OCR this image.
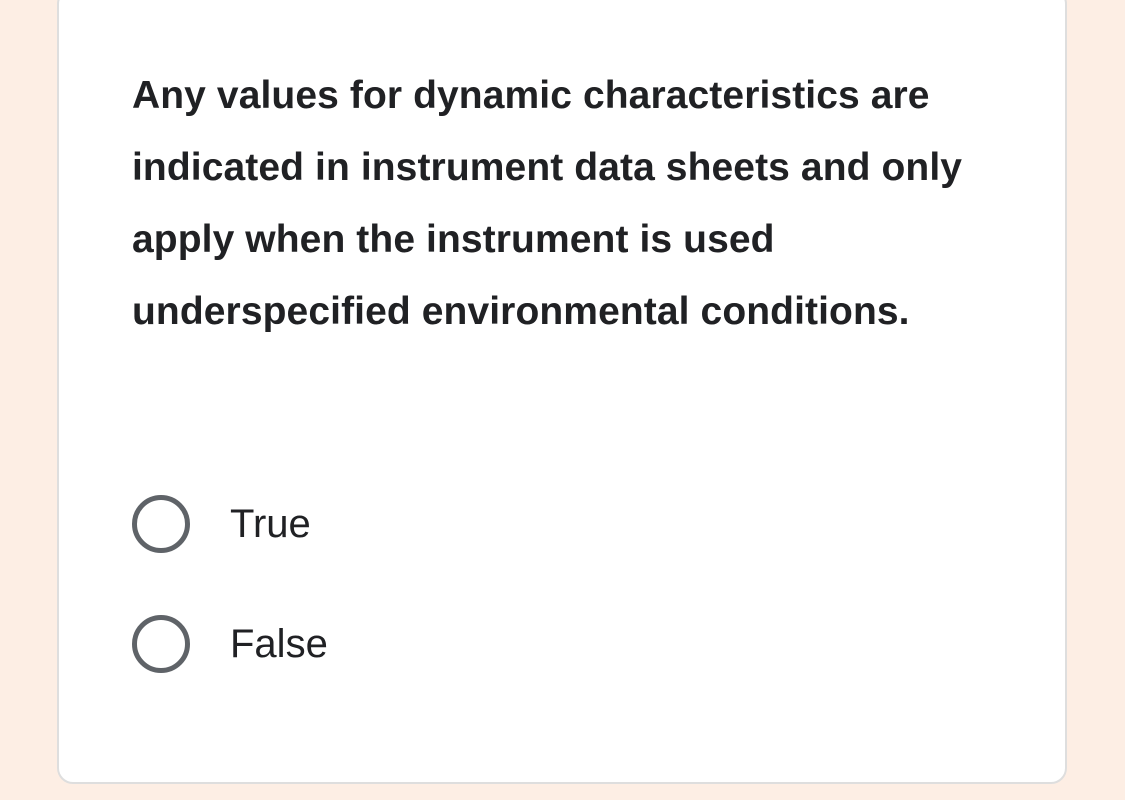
Any values for dynamic characteristics are indicated in instrument data sheets and only apply when the instrument is used underspecified environmental conditions.

True
False
